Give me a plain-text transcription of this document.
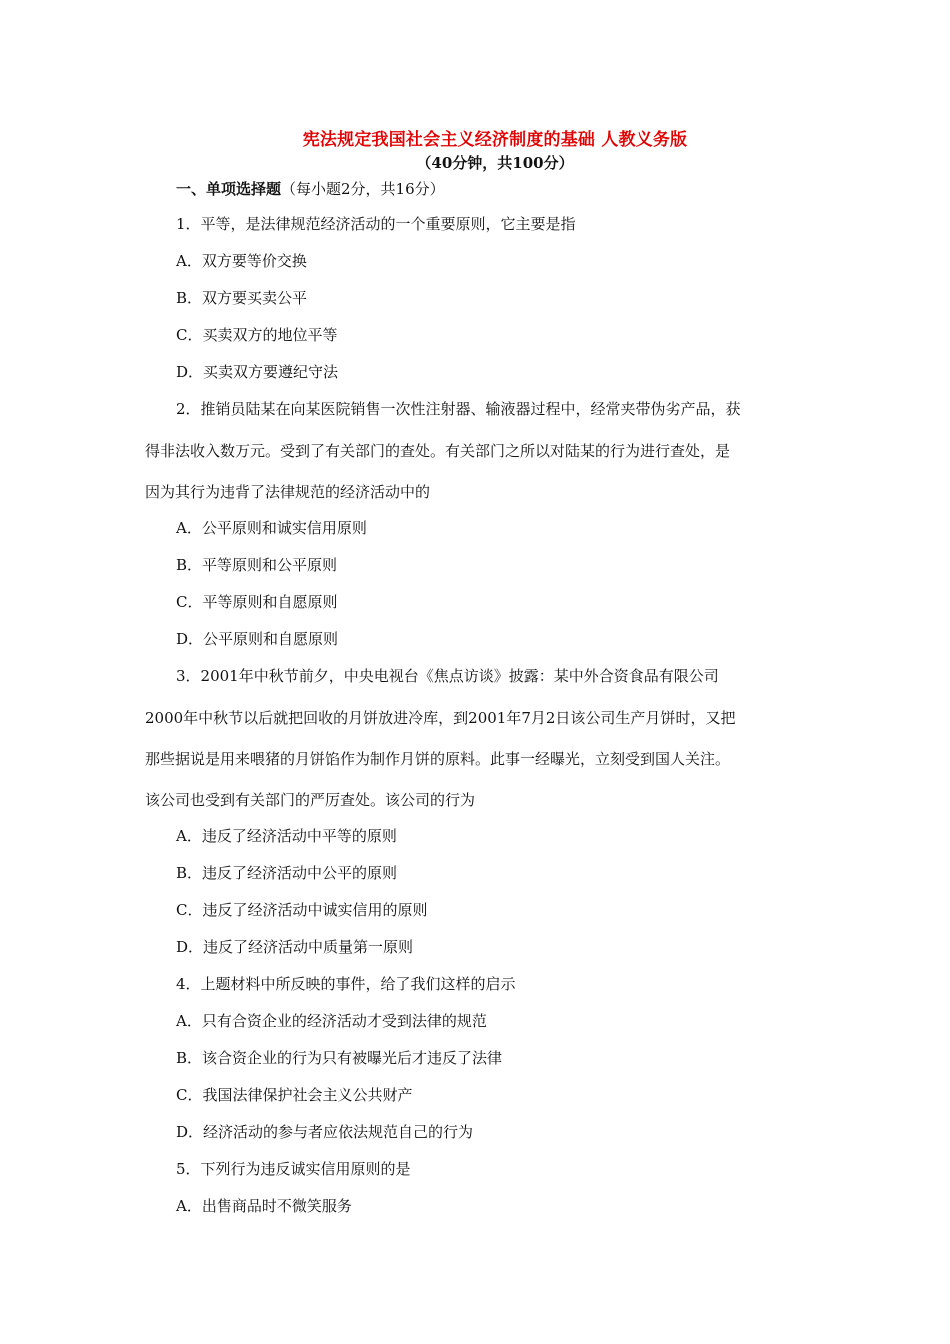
宪法规定我国社会主义经济制度的基础 人教义务版
（40分钟，共100分）
一、单项选择题（每小题2分，共16分）
1．平等，是法律规范经济活动的一个重要原则，它主要是指
A．双方要等价交换
B．双方要买卖公平
C．买卖双方的地位平等
D．买卖双方要遵纪守法
2．推销员陆某在向某医院销售一次性注射器、输液器过程中，经常夹带伪劣产品，获
得非法收入数万元。受到了有关部门的查处。有关部门之所以对陆某的行为进行查处，是
因为其行为违背了法律规范的经济活动中的
A．公平原则和诚实信用原则
B．平等原则和公平原则
C．平等原则和自愿原则
D．公平原则和自愿原则
3．2001年中秋节前夕，中央电视台《焦点访谈》披露：某中外合资食品有限公司
2000年中秋节以后就把回收的月饼放进冷库，到2001年7月2日该公司生产月饼时，又把
那些据说是用来喂猪的月饼馅作为制作月饼的原料。此事一经曝光，立刻受到国人关注。
该公司也受到有关部门的严厉查处。该公司的行为
A．违反了经济活动中平等的原则
B．违反了经济活动中公平的原则
C．违反了经济活动中诚实信用的原则
D．违反了经济活动中质量第一原则
4．上题材料中所反映的事件，给了我们这样的启示
A．只有合资企业的经济活动才受到法律的规范
B．该合资企业的行为只有被曝光后才违反了法律
C．我国法律保护社会主义公共财产
D．经济活动的参与者应依法规范自己的行为
5．下列行为违反诚实信用原则的是
A．出售商品时不微笑服务
